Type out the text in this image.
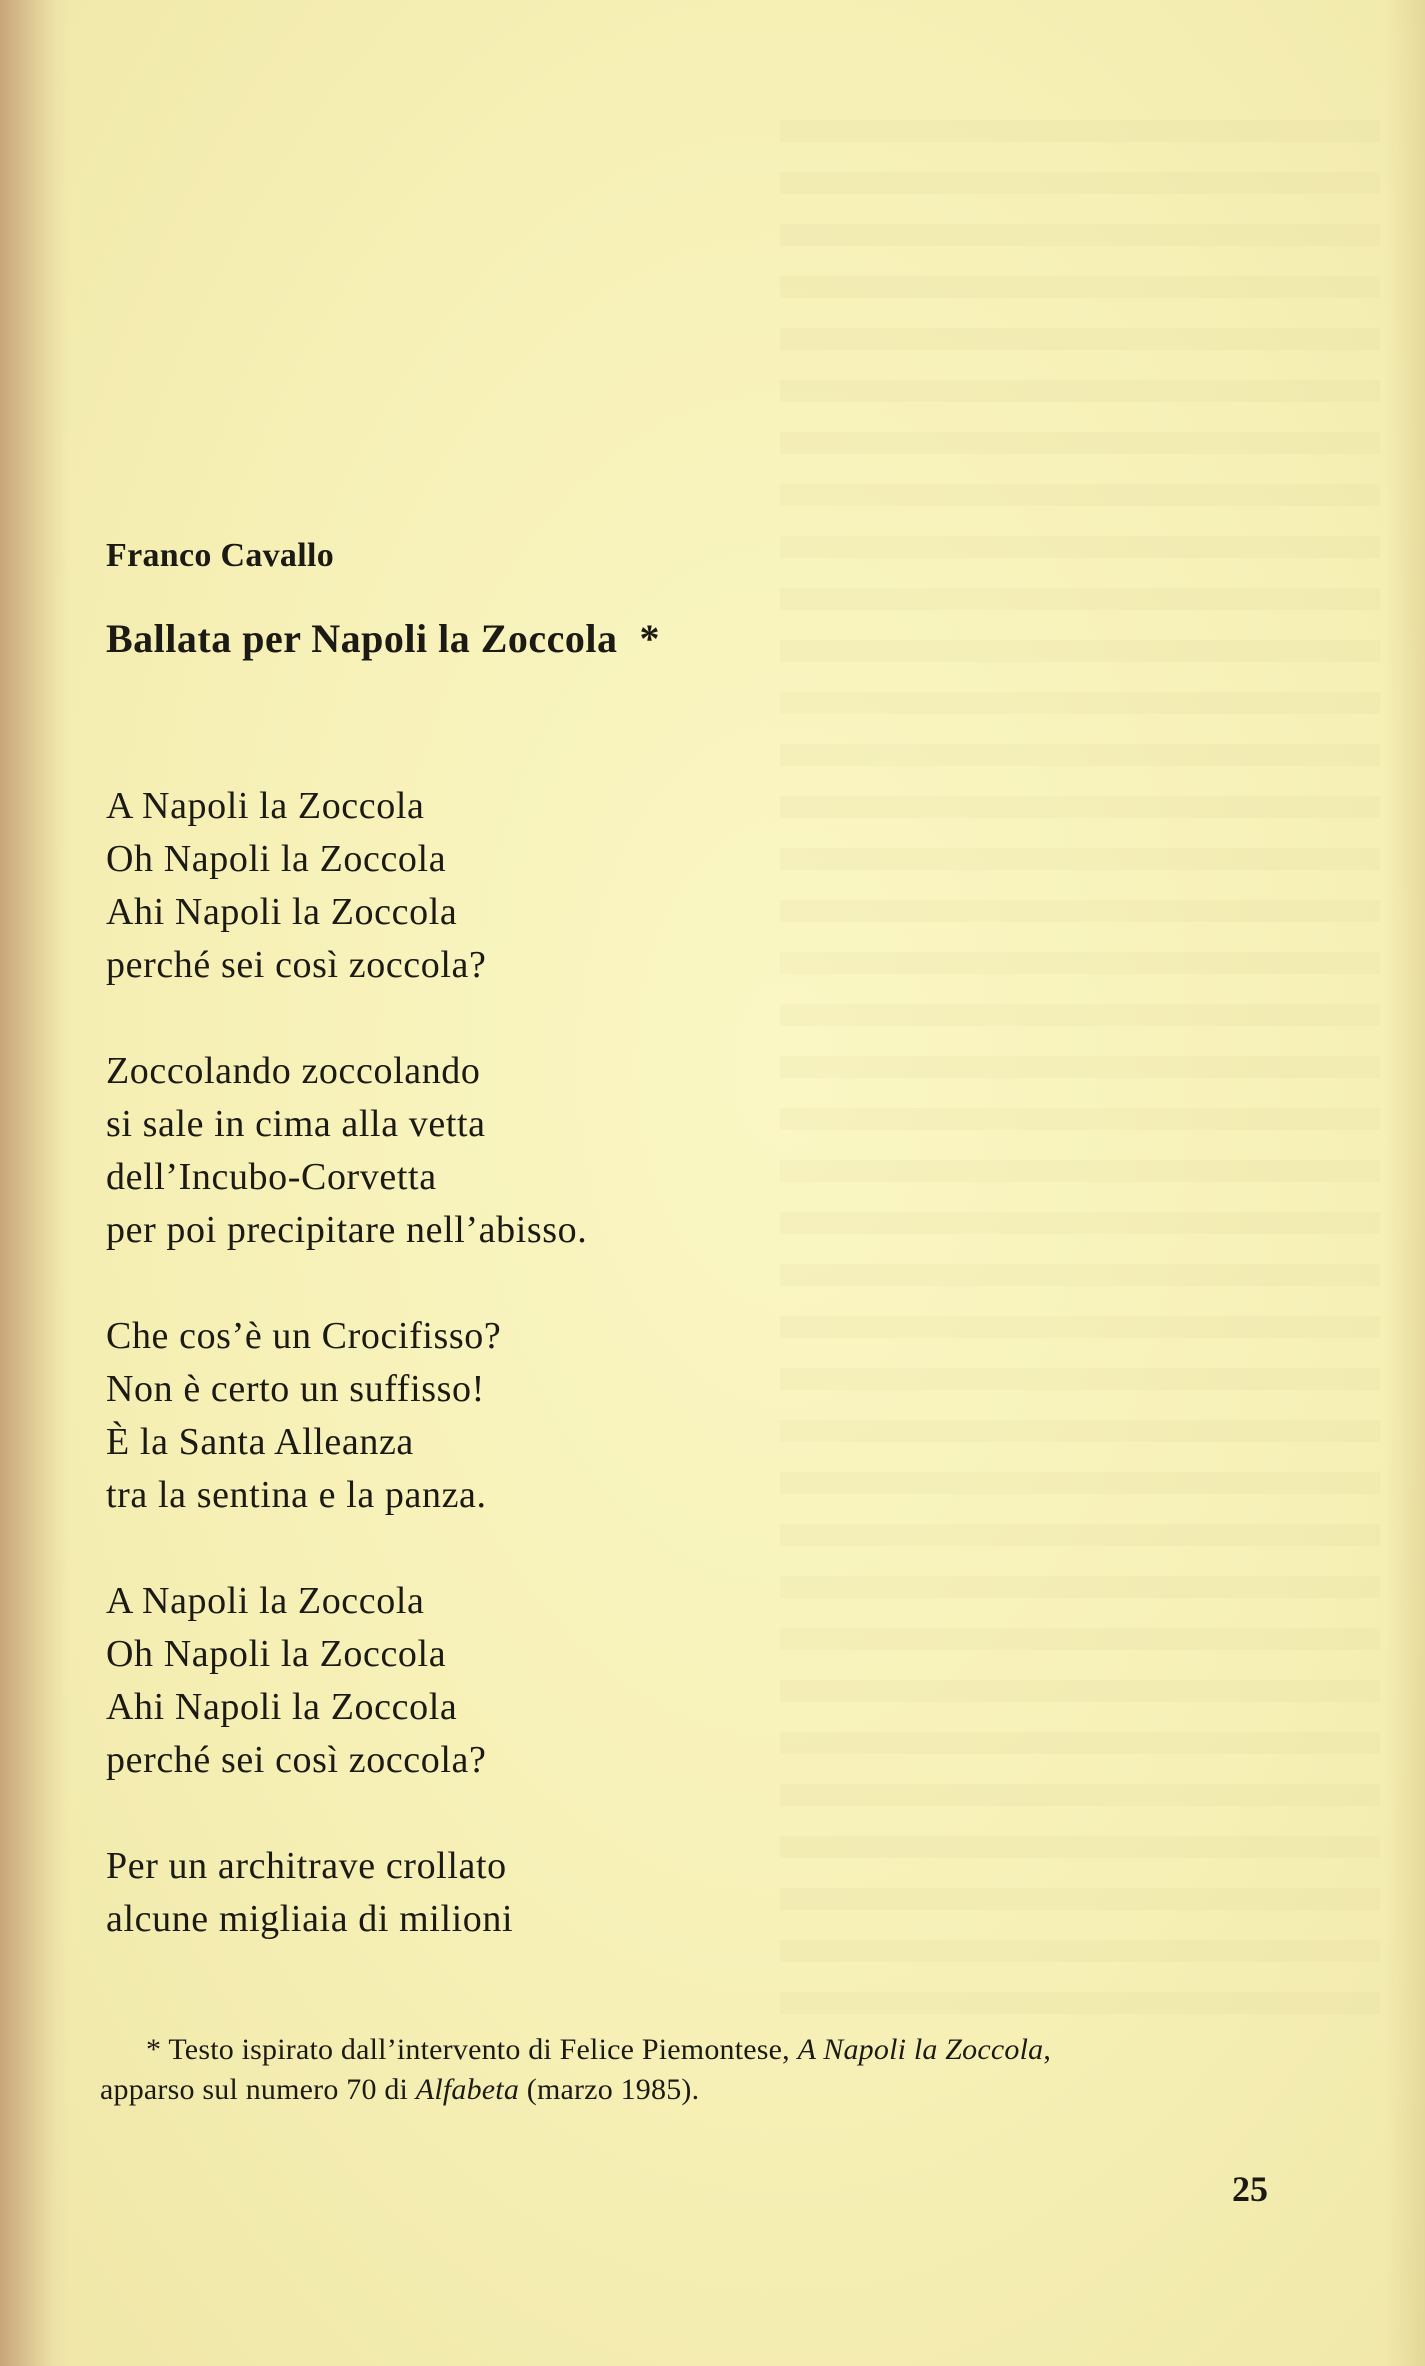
Franco Cavallo
Ballata per Napoli la Zoccola *
A Napoli la Zoccola
Oh Napoli la Zoccola
Ahi Napoli la Zoccola
perché sei così zoccola?
Zoccolando zoccolando
si sale in cima alla vetta
dell’Incubo-Corvetta
per poi precipitare nell’abisso.
Che cos’è un Crocifisso?
Non è certo un suffisso!
È la Santa Alleanza
tra la sentina e la panza.
A Napoli la Zoccola
Oh Napoli la Zoccola
Ahi Napoli la Zoccola
perché sei così zoccola?
Per un architrave crollato
alcune migliaia di milioni
* Testo ispirato dall’intervento di Felice Piemontese, A Napoli la Zoccola,
apparso sul numero 70 di Alfabeta (marzo 1985).
25
